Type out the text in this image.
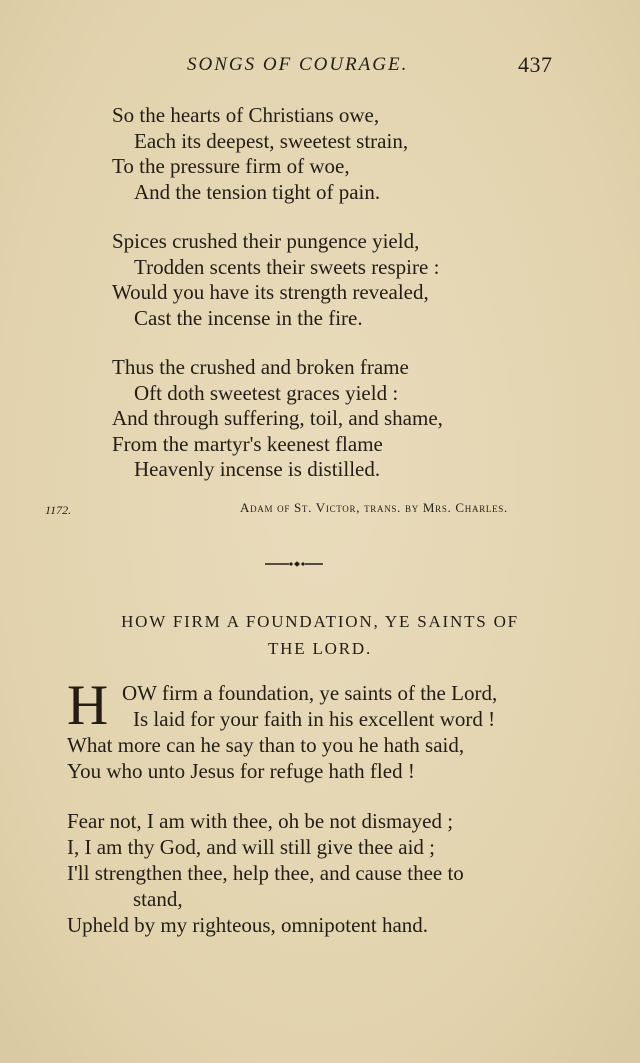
SONGS OF COURAGE.	437
So the hearts of Christians owe,
Each its deepest, sweetest strain,
To the pressure firm of woe,
And the tension tight of pain.
Spices crushed their pungence yield,
Trodden scents their sweets respire :
Would you have its strength revealed,
Cast the incense in the fire.
Thus the crushed and broken frame
Oft doth sweetest graces yield :
And through suffering, toil, and shame,
From the martyr's keenest flame
Heavenly incense is distilled.
1172.	Adam of St. Victor, trans. by Mrs. Charles.
HOW FIRM A FOUNDATION, YE SAINTS OF
THE LORD.
H OW firm a foundation, ye saints of the Lord,
Is laid for your faith in his excellent word !
What more can he say than to you he hath said,
You who unto Jesus for refuge hath fled !
Fear not, I am with thee, oh be not dismayed ;
I, I am thy God, and will still give thee aid ;
I'll strengthen thee, help thee, and cause thee to
stand,
Upheld by my righteous, omnipotent hand.
